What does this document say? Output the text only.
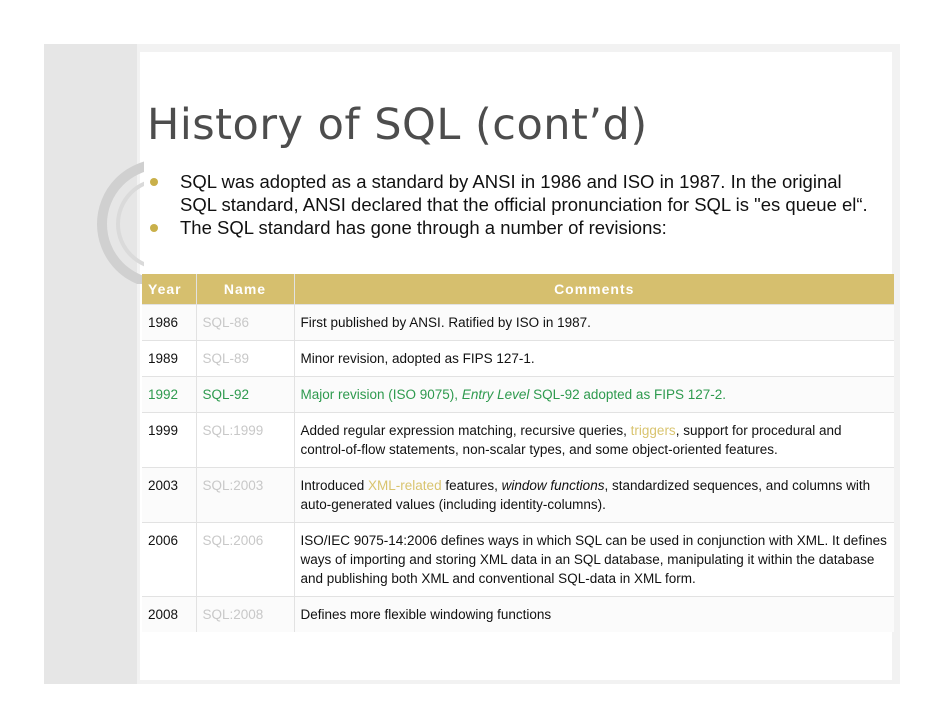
History of SQL (cont’d)
SQL was adopted as a standard by ANSI in 1986 and ISO in 1987. In the original SQL standard, ANSI declared that the official pronunciation for SQL is "es queue el“.
The SQL standard has gone through a number of revisions:
Year	Name	Comments
1986	SQL-86	First published by ANSI. Ratified by ISO in 1987.
1989	SQL-89	Minor revision, adopted as FIPS 127-1.
1992	SQL-92	Major revision (ISO 9075), Entry Level SQL-92 adopted as FIPS 127-2.
1999	SQL:1999	Added regular expression matching, recursive queries, triggers, support for procedural and control-of-flow statements, non-scalar types, and some object-oriented features.
2003	SQL:2003	Introduced XML-related features, window functions, standardized sequences, and columns with auto-generated values (including identity-columns).
2006	SQL:2006	ISO/IEC 9075-14:2006 defines ways in which SQL can be used in conjunction with XML. It defines ways of importing and storing XML data in an SQL database, manipulating it within the database and publishing both XML and conventional SQL-data in XML form.
2008	SQL:2008	Defines more flexible windowing functions
